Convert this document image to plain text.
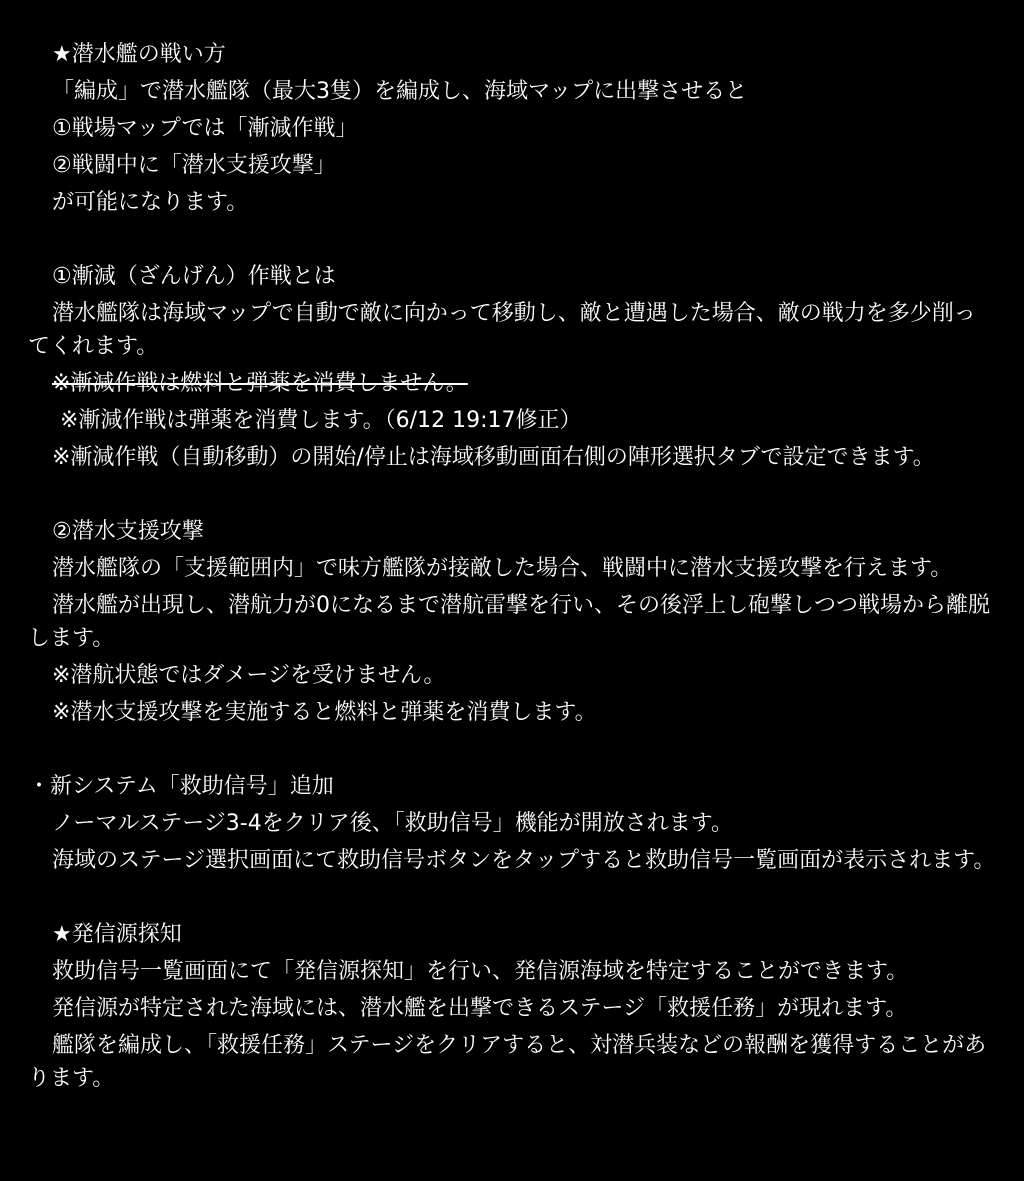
★潜水艦の戦い方
「編成」で潜水艦隊（最大3隻）を編成し、海域マップに出撃させると
①戦場マップでは「漸減作戦」
②戦闘中に「潜水支援攻撃」
が可能になります。
①漸減（ざんげん）作戦とは
潜水艦隊は海域マップで自動で敵に向かって移動し、敵と遭遇した場合、敵の戦力を多少削ってくれます。
※漸減作戦は燃料と弾薬を消費しません。
※漸減作戦は弾薬を消費します。（6/12 19:17修正）
※漸減作戦（自動移動）の開始/停止は海域移動画面右側の陣形選択タブで設定できます。
②潜水支援攻撃
潜水艦隊の「支援範囲内」で味方艦隊が接敵した場合、戦闘中に潜水支援攻撃を行えます。
潜水艦が出現し、潜航力が0になるまで潜航雷撃を行い、その後浮上し砲撃しつつ戦場から離脱します。
※潜航状態ではダメージを受けません。
※潜水支援攻撃を実施すると燃料と弾薬を消費します。
・新システム「救助信号」追加
ノーマルステージ3-4をクリア後、「救助信号」機能が開放されます。
海域のステージ選択画面にて救助信号ボタンをタップすると救助信号一覧画面が表示されます。
★発信源探知
救助信号一覧画面にて「発信源探知」を行い、発信源海域を特定することができます。
発信源が特定された海域には、潜水艦を出撃できるステージ「救援任務」が現れます。
艦隊を編成し、「救援任務」ステージをクリアすると、対潜兵装などの報酬を獲得することがあります。
